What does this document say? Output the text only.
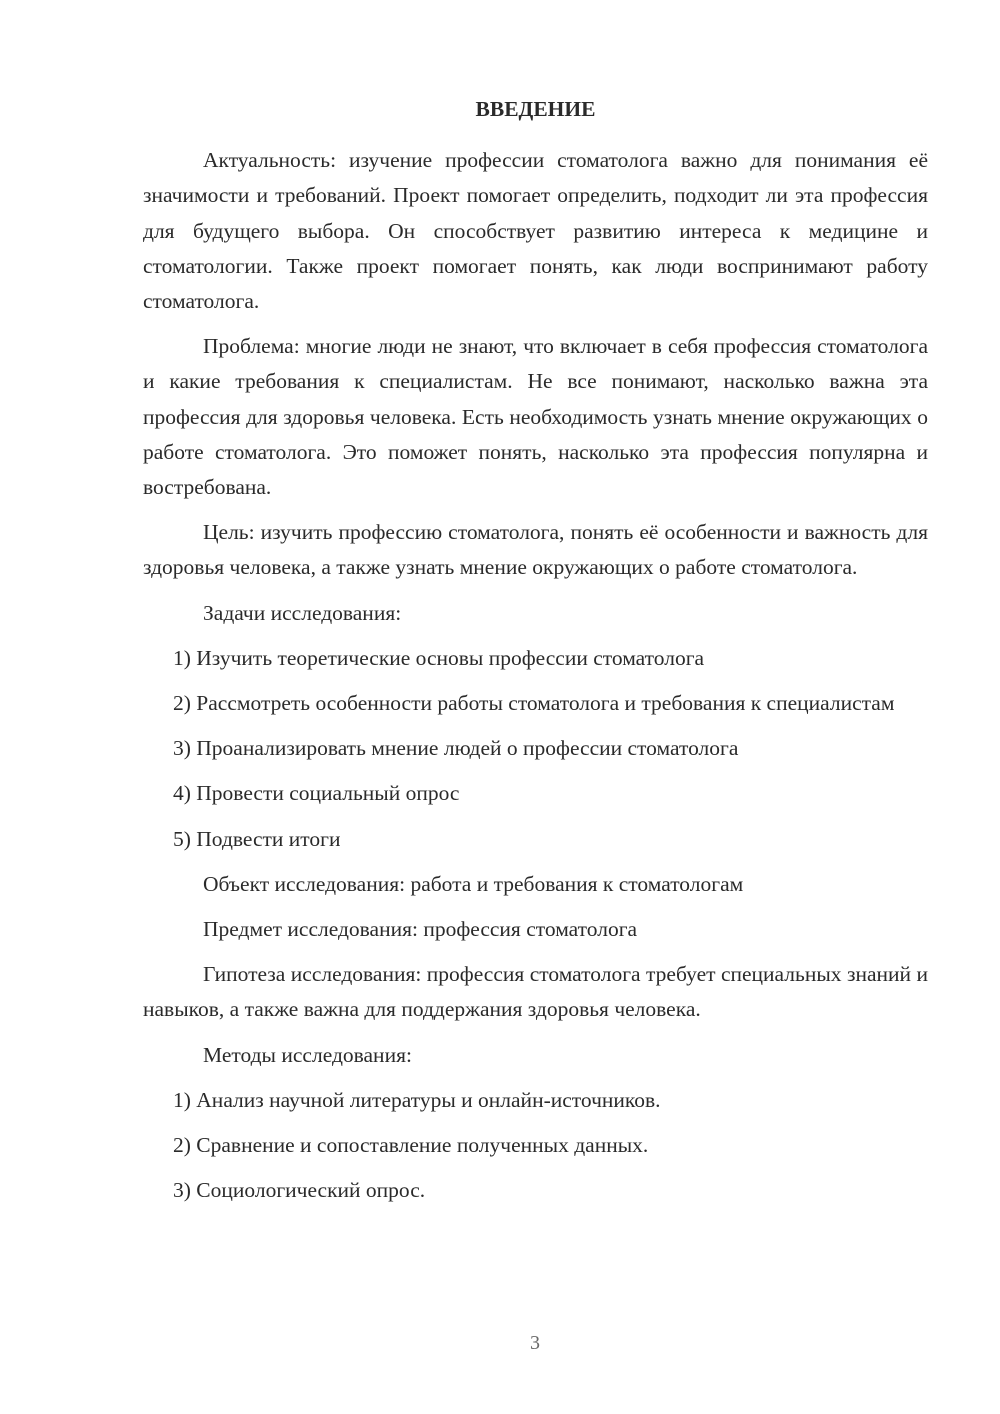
ВВЕДЕНИЕ

Актуальность: изучение профессии стоматолога важно для понимания её значимости и требований. Проект помогает определить, подходит ли эта профессия для будущего выбора. Он способствует развитию интереса к медицине и стоматологии. Также проект помогает понять, как люди воспринимают работу стоматолога.

Проблема: многие люди не знают, что включает в себя профессия стоматолога и какие требования к специалистам. Не все понимают, насколько важна эта профессия для здоровья человека. Есть необходимость узнать мнение окружающих о работе стоматолога. Это поможет понять, насколько эта профессия популярна и востребована.

Цель: изучить профессию стоматолога, понять её особенности и важность для здоровья человека, а также узнать мнение окружающих о работе стоматолога.

Задачи исследования:

1) Изучить теоретические основы профессии стоматолога

2) Рассмотреть особенности работы стоматолога и требования к специалистам

3) Проанализировать мнение людей о профессии стоматолога

4) Провести социальный опрос

5) Подвести итоги

Объект исследования: работа и требования к стоматологам

Предмет исследования: профессия стоматолога

Гипотеза исследования: профессия стоматолога требует специальных знаний и навыков, а также важна для поддержания здоровья человека.

Методы исследования:

1) Анализ научной литературы и онлайн-источников.

2) Сравнение и сопоставление полученных данных.

3) Социологический опрос.

3
